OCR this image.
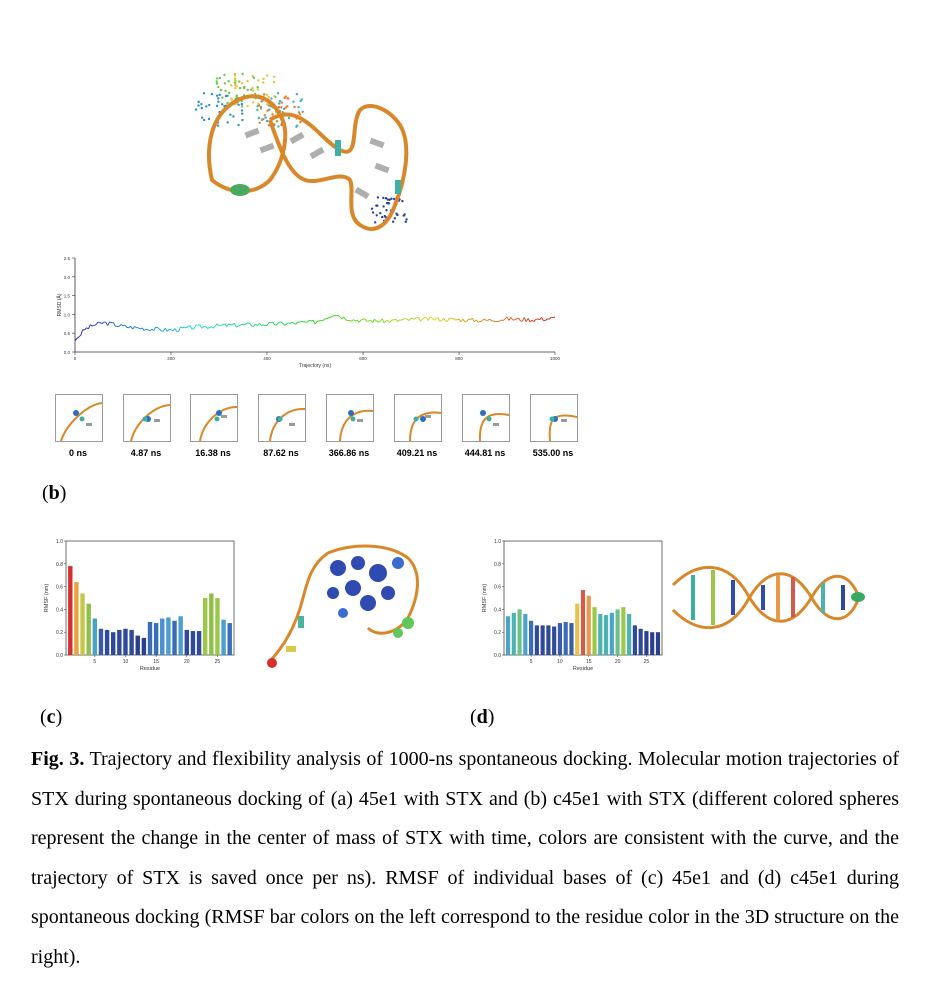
0.0
0.5
1.0
1.5
2.0
2.5
0	200	400	600	800	1000
Trajectory (ns)
RMSD (Å)
0 ns	4.87 ns	16.38 ns	87.62 ns	366.86 ns	409.21 ns	444.81 ns	535.00 ns
(b)
0.0
0.2
0.4
0.6
0.8
1.0
5	10	15	20	25
Residue
RMSF (nm)
(c)
0.0
0.2
0.4
0.6
0.8
1.0
5	10	15	20	25
Residue
RMSF (nm)
(d)
Fig. 3. Trajectory and flexibility analysis of 1000-ns spontaneous docking. Molecular motion trajectories of STX during spontaneous docking of (a) 45e1 with STX and (b) c45e1 with STX (different colored spheres represent the change in the center of mass of STX with time, colors are consistent with the curve, and the trajectory of STX is saved once per ns). RMSF of individual bases of (c) 45e1 and (d) c45e1 during spontaneous docking (RMSF bar colors on the left correspond to the residue color in the 3D structure on the right).
